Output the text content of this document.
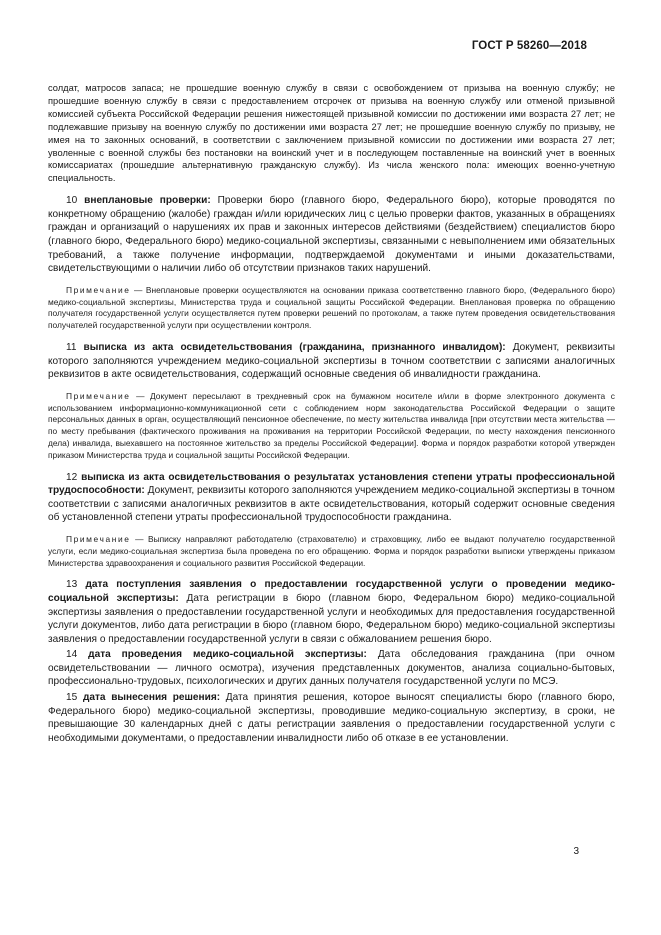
ГОСТ Р 58260—2018

солдат, матросов запаса; не прошедшие военную службу в связи с освобождением от призыва на военную службу; не прошедшие военную службу в связи с предоставлением отсрочек от призыва на военную службу или отменой призывной комиссией субъекта Российской Федерации решения нижестоящей призывной комиссии по достижении ими возраста 27 лет; не подлежавшие призыву на военную службу по достижении ими возраста 27 лет; не прошедшие военную службу по призыву, не имея на то законных оснований, в соответствии с заключением призывной комиссии по достижении ими возраста 27 лет; уволенные с военной службы без постановки на воинский учет и в последующем поставленные на воинский учет в военных комиссариатах (прошедшие альтернативную гражданскую службу). Из числа женского пола: имеющих военно-учетную специальность.

10 внеплановые проверки: Проверки бюро (главного бюро, Федерального бюро), которые проводятся по конкретному обращению (жалобе) граждан и/или юридических лиц с целью проверки фактов, указанных в обращениях граждан и организаций о нарушениях их прав и законных интересов действиями (бездействием) специалистов бюро (главного бюро, Федерального бюро) медико-социальной экспертизы, связанными с невыполнением ими обязательных требований, а также получение информации, подтверждаемой документами и иными доказательствами, свидетельствующими о наличии либо об отсутствии признаков таких нарушений.

Примечание — Внеплановые проверки осуществляются на основании приказа соответственно главного бюро, (Федерального бюро) медико-социальной экспертизы, Министерства труда и социальной защиты Российской Федерации. Внеплановая проверка по обращению получателя государственной услуги осуществляется путем проверки решений по протоколам, а также путем проведения освидетельствования получателей государственной услуги при осуществлении контроля.

11 выписка из акта освидетельствования (гражданина, признанного инвалидом): Документ, реквизиты которого заполняются учреждением медико-социальной экспертизы в точном соответствии с записями аналогичных реквизитов в акте освидетельствования, содержащий основные сведения об инвалидности гражданина.

Примечание — Документ пересылают в трехдневный срок на бумажном носителе и/или в форме электронного документа с использованием информационно-коммуникационной сети с соблюдением норм законодательства Российской Федерации о защите персональных данных в орган, осуществляющий пенсионное обеспечение, по месту жительства инвалида [при отсутствии места жительства — по месту пребывания (фактического проживания на проживания на территории Российской Федерации, по месту нахождения пенсионного дела) инвалида, выехавшего на постоянное жительство за пределы Российской Федерации]. Форма и порядок разработки которой утвержден приказом Министерства труда и социальной защиты Российской Федерации.

12 выписка из акта освидетельствования о результатах установления степени утраты профессиональной трудоспособности: Документ, реквизиты которого заполняются учреждением медико-социальной экспертизы в точном соответствии с записями аналогичных реквизитов в акте освидетельствования, который содержит основные сведения об установленной степени утраты профессиональной трудоспособности гражданина.

Примечание — Выписку направляют работодателю (страхователю) и страховщику, либо ее выдают получателю государственной услуги, если медико-социальная экспертиза была проведена по его обращению. Форма и порядок разработки выписки утверждены приказом Министерства здравоохранения и социального развития Российской Федерации.

13 дата поступления заявления о предоставлении государственной услуги о проведении медико-социальной экспертизы: Дата регистрации в бюро (главном бюро, Федеральном бюро) медико-социальной экспертизы заявления о предоставлении государственной услуги и необходимых для предоставления государственной услуги документов, либо дата регистрации в бюро (главном бюро, Федеральном бюро) медико-социальной экспертизы заявления о предоставлении государственной услуги в связи с обжалованием решения бюро.

14 дата проведения медико-социальной экспертизы: Дата обследования гражданина (при очном освидетельствовании — личного осмотра), изучения представленных документов, анализа социально-бытовых, профессионально-трудовых, психологических и других данных получателя государственной услуги по МСЭ.

15 дата вынесения решения: Дата принятия решения, которое выносят специалисты бюро (главного бюро, Федерального бюро) медико-социальной экспертизы, проводившие медико-социальную экспертизу, в сроки, не превышающие 30 календарных дней с даты регистрации заявления о предоставлении государственной услуги с необходимыми документами, о предоставлении инвалидности либо об отказе в ее установлении.

3
